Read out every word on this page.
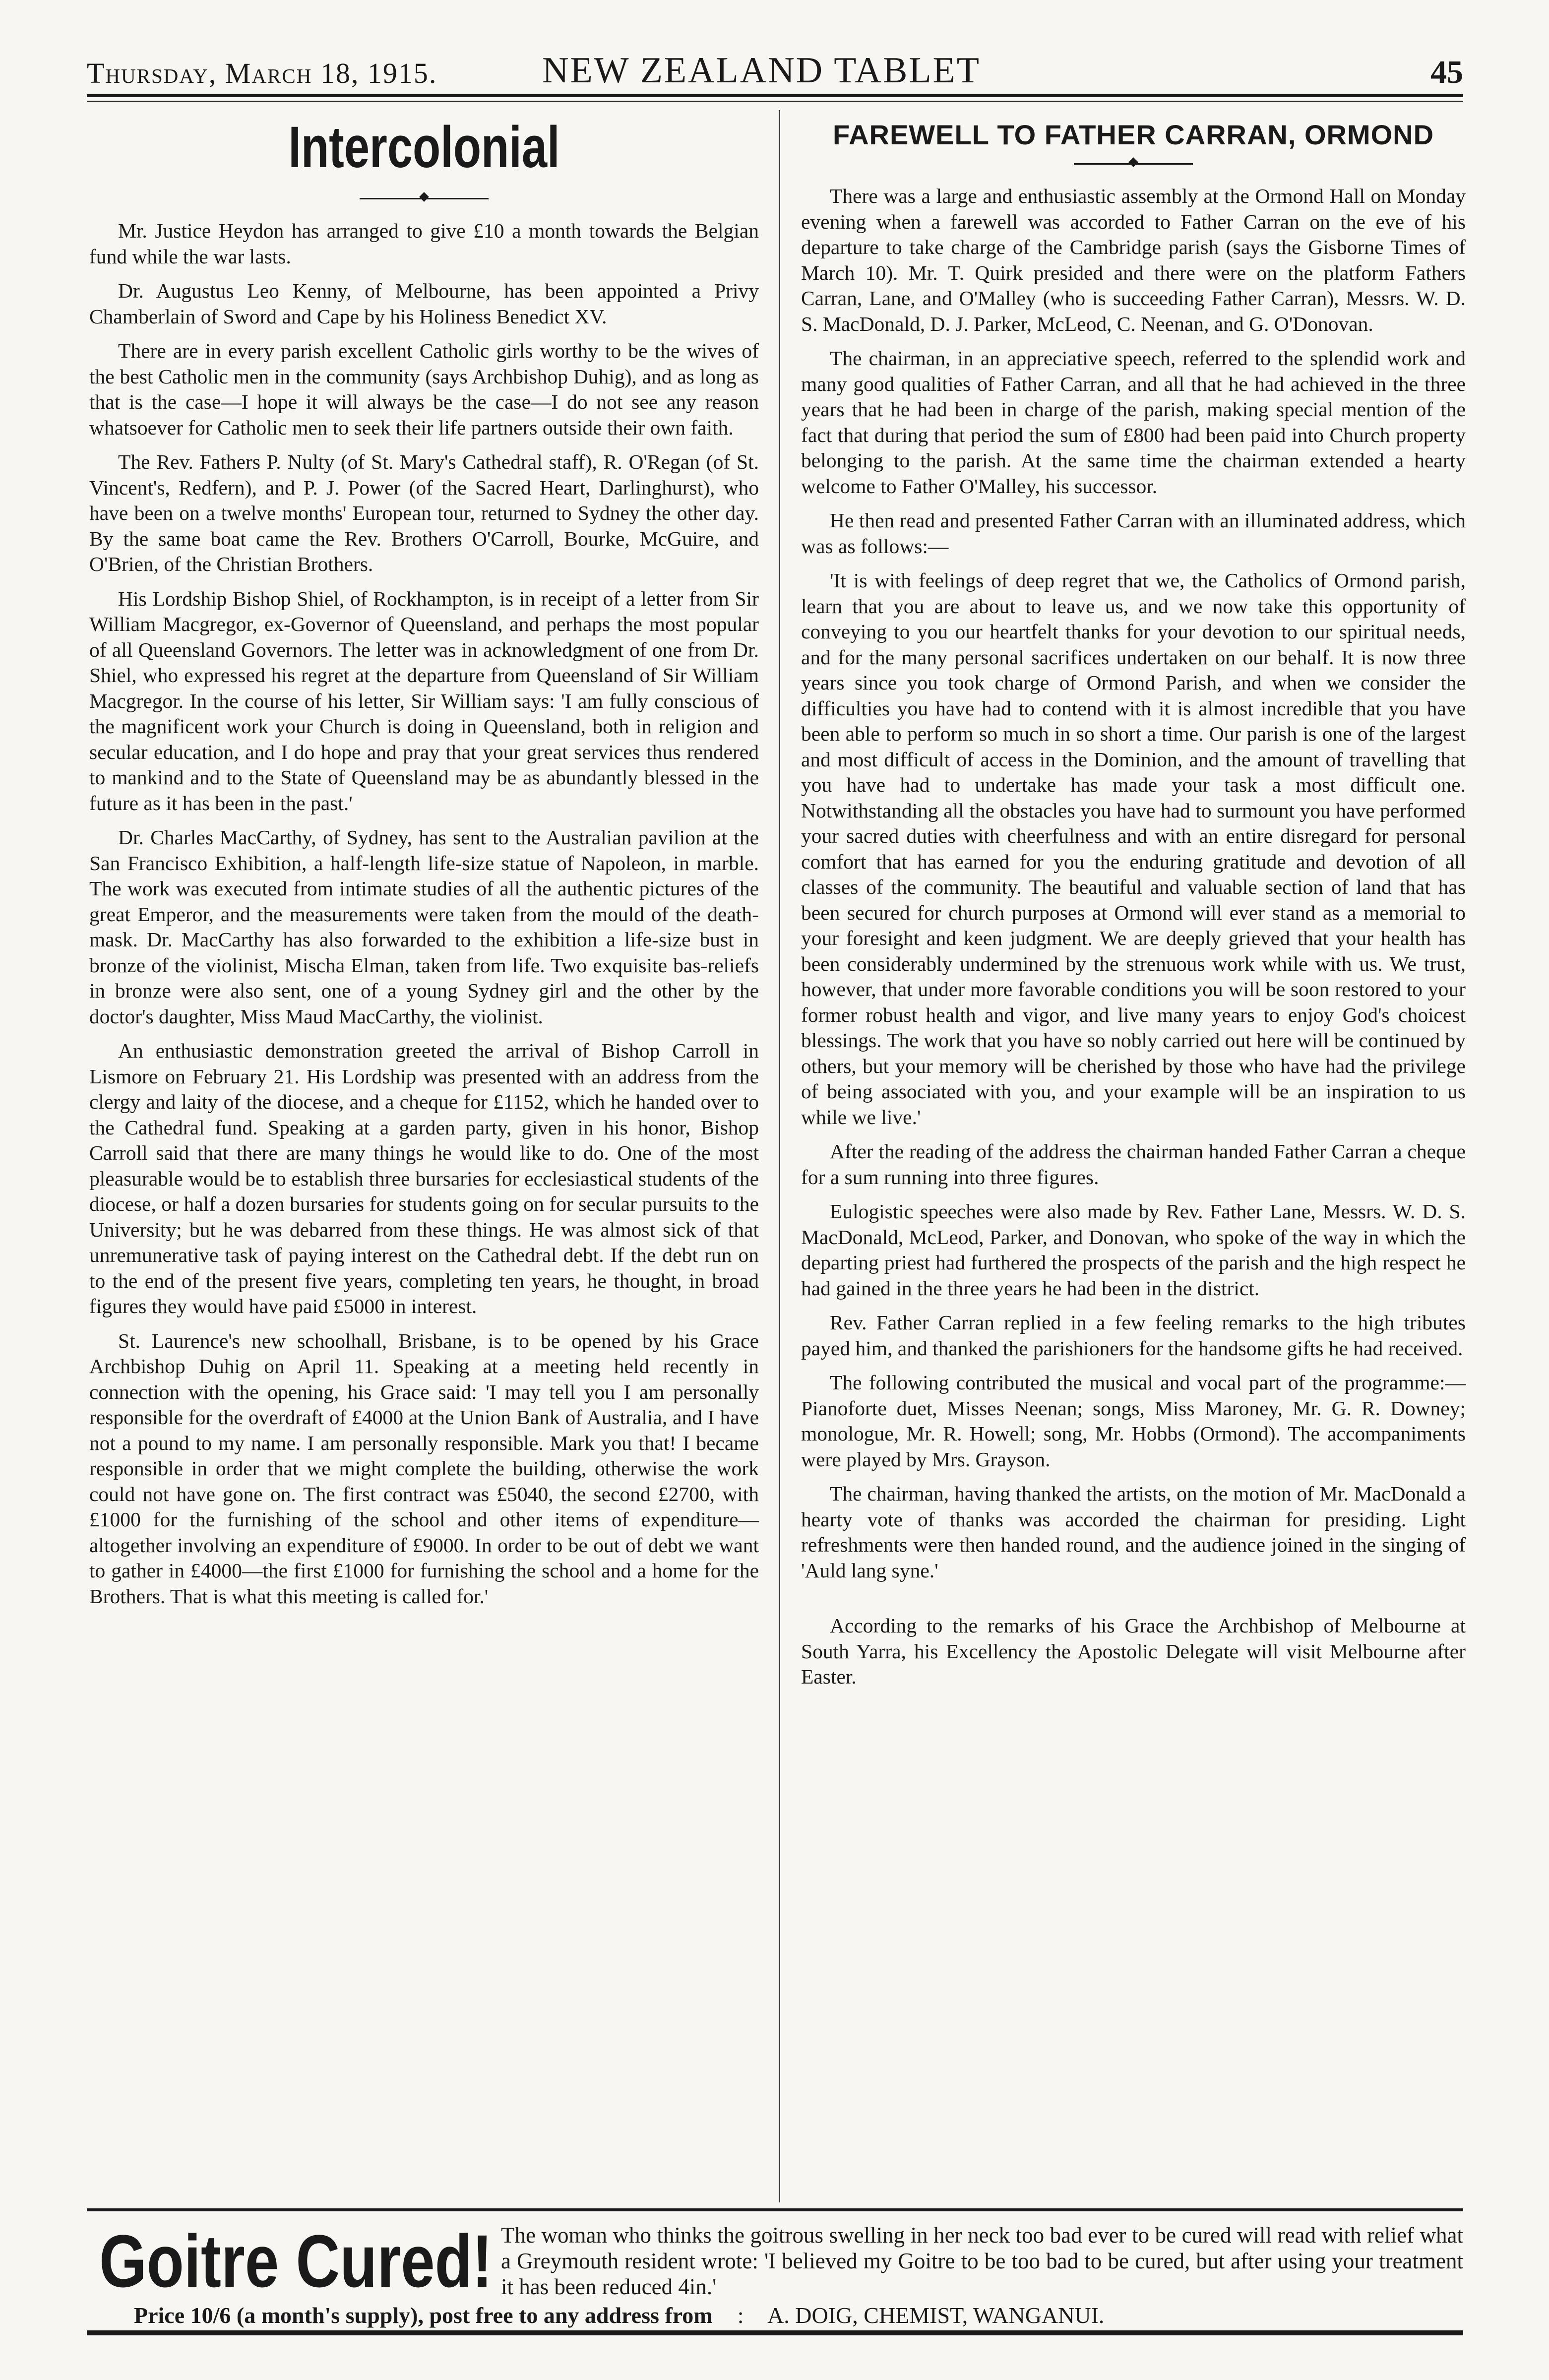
Thursday, March 18, 1915.	NEW ZEALAND TABLET	45
Intercolonial

Mr. Justice Heydon has arranged to give £10 a month towards the Belgian fund while the war lasts.

Dr. Augustus Leo Kenny, of Melbourne, has been appointed a Privy Chamberlain of Sword and Cape by his Holiness Benedict XV.

There are in every parish excellent Catholic girls worthy to be the wives of the best Catholic men in the community (says Archbishop Duhig), and as long as that is the case—I hope it will always be the case—I do not see any reason whatsoever for Catholic men to seek their life partners outside their own faith.

The Rev. Fathers P. Nulty (of St. Mary's Cathedral staff), R. O'Regan (of St. Vincent's, Redfern), and P. J. Power (of the Sacred Heart, Darlinghurst), who have been on a twelve months' European tour, returned to Sydney the other day. By the same boat came the Rev. Brothers O'Carroll, Bourke, McGuire, and O'Brien, of the Christian Brothers.

His Lordship Bishop Shiel, of Rockhampton, is in receipt of a letter from Sir William Macgregor, ex-Governor of Queensland, and perhaps the most popular of all Queensland Governors. The letter was in acknowledgment of one from Dr. Shiel, who expressed his regret at the departure from Queensland of Sir William Macgregor. In the course of his letter, Sir William says: 'I am fully conscious of the magnificent work your Church is doing in Queensland, both in religion and secular education, and I do hope and pray that your great services thus rendered to mankind and to the State of Queensland may be as abundantly blessed in the future as it has been in the past.'

Dr. Charles MacCarthy, of Sydney, has sent to the Australian pavilion at the San Francisco Exhibition, a half-length life-size statue of Napoleon, in marble. The work was executed from intimate studies of all the authentic pictures of the great Emperor, and the measurements were taken from the mould of the death-mask. Dr. MacCarthy has also forwarded to the exhibition a life-size bust in bronze of the violinist, Mischa Elman, taken from life. Two exquisite bas-reliefs in bronze were also sent, one of a young Sydney girl and the other by the doctor's daughter, Miss Maud MacCarthy, the violinist.

An enthusiastic demonstration greeted the arrival of Bishop Carroll in Lismore on February 21. His Lordship was presented with an address from the clergy and laity of the diocese, and a cheque for £1152, which he handed over to the Cathedral fund. Speaking at a garden party, given in his honor, Bishop Carroll said that there are many things he would like to do. One of the most pleasurable would be to establish three bursaries for ecclesiastical students of the diocese, or half a dozen bursaries for students going on for secular pursuits to the University; but he was debarred from these things. He was almost sick of that unremunerative task of paying interest on the Cathedral debt. If the debt run on to the end of the present five years, completing ten years, he thought, in broad figures they would have paid £5000 in interest.

St. Laurence's new schoolhall, Brisbane, is to be opened by his Grace Archbishop Duhig on April 11. Speaking at a meeting held recently in connection with the opening, his Grace said: 'I may tell you I am personally responsible for the overdraft of £4000 at the Union Bank of Australia, and I have not a pound to my name. I am personally responsible. Mark you that! I became responsible in order that we might complete the building, otherwise the work could not have gone on. The first contract was £5040, the second £2700, with £1000 for the furnishing of the school and other items of expenditure—altogether involving an expenditure of £9000. In order to be out of debt we want to gather in £4000—the first £1000 for furnishing the school and a home for the Brothers. That is what this meeting is called for.'

FAREWELL TO FATHER CARRAN, ORMOND

There was a large and enthusiastic assembly at the Ormond Hall on Monday evening when a farewell was accorded to Father Carran on the eve of his departure to take charge of the Cambridge parish (says the Gisborne Times of March 10). Mr. T. Quirk presided and there were on the platform Fathers Carran, Lane, and O'Malley (who is succeeding Father Carran), Messrs. W. D. S. MacDonald, D. J. Parker, McLeod, C. Neenan, and G. O'Donovan.

The chairman, in an appreciative speech, referred to the splendid work and many good qualities of Father Carran, and all that he had achieved in the three years that he had been in charge of the parish, making special mention of the fact that during that period the sum of £800 had been paid into Church property belonging to the parish. At the same time the chairman extended a hearty welcome to Father O'Malley, his successor.

He then read and presented Father Carran with an illuminated address, which was as follows:—

'It is with feelings of deep regret that we, the Catholics of Ormond parish, learn that you are about to leave us, and we now take this opportunity of conveying to you our heartfelt thanks for your devotion to our spiritual needs, and for the many personal sacrifices undertaken on our behalf. It is now three years since you took charge of Ormond Parish, and when we consider the difficulties you have had to contend with it is almost incredible that you have been able to perform so much in so short a time. Our parish is one of the largest and most difficult of access in the Dominion, and the amount of travelling that you have had to undertake has made your task a most difficult one. Notwithstanding all the obstacles you have had to surmount you have performed your sacred duties with cheerfulness and with an entire disregard for personal comfort that has earned for you the enduring gratitude and devotion of all classes of the community. The beautiful and valuable section of land that has been secured for church purposes at Ormond will ever stand as a memorial to your foresight and keen judgment. We are deeply grieved that your health has been considerably undermined by the strenuous work while with us. We trust, however, that under more favorable conditions you will be soon restored to your former robust health and vigor, and live many years to enjoy God's choicest blessings. The work that you have so nobly carried out here will be continued by others, but your memory will be cherished by those who have had the privilege of being associated with you, and your example will be an inspiration to us while we live.'

After the reading of the address the chairman handed Father Carran a cheque for a sum running into three figures.

Eulogistic speeches were also made by Rev. Father Lane, Messrs. W. D. S. MacDonald, McLeod, Parker, and Donovan, who spoke of the way in which the departing priest had furthered the prospects of the parish and the high respect he had gained in the three years he had been in the district.

Rev. Father Carran replied in a few feeling remarks to the high tributes payed him, and thanked the parishioners for the handsome gifts he had received.

The following contributed the musical and vocal part of the programme:—Pianoforte duet, Misses Neenan; songs, Miss Maroney, Mr. G. R. Downey; monologue, Mr. R. Howell; song, Mr. Hobbs (Ormond). The accompaniments were played by Mrs. Grayson.

The chairman, having thanked the artists, on the motion of Mr. MacDonald a hearty vote of thanks was accorded the chairman for presiding. Light refreshments were then handed round, and the audience joined in the singing of 'Auld lang syne.'

According to the remarks of his Grace the Archbishop of Melbourne at South Yarra, his Excellency the Apostolic Delegate will visit Melbourne after Easter.

Goitre Cured! The woman who thinks the goitrous swelling in her neck too bad ever to be cured will read with relief what a Greymouth resident wrote: 'I believed my Goitre to be too bad to be cured, but after using your treatment it has been reduced 4in.'
Price 10/6 (a month's supply), post free to any address from : A. DOIG, CHEMIST, WANGANUI.
